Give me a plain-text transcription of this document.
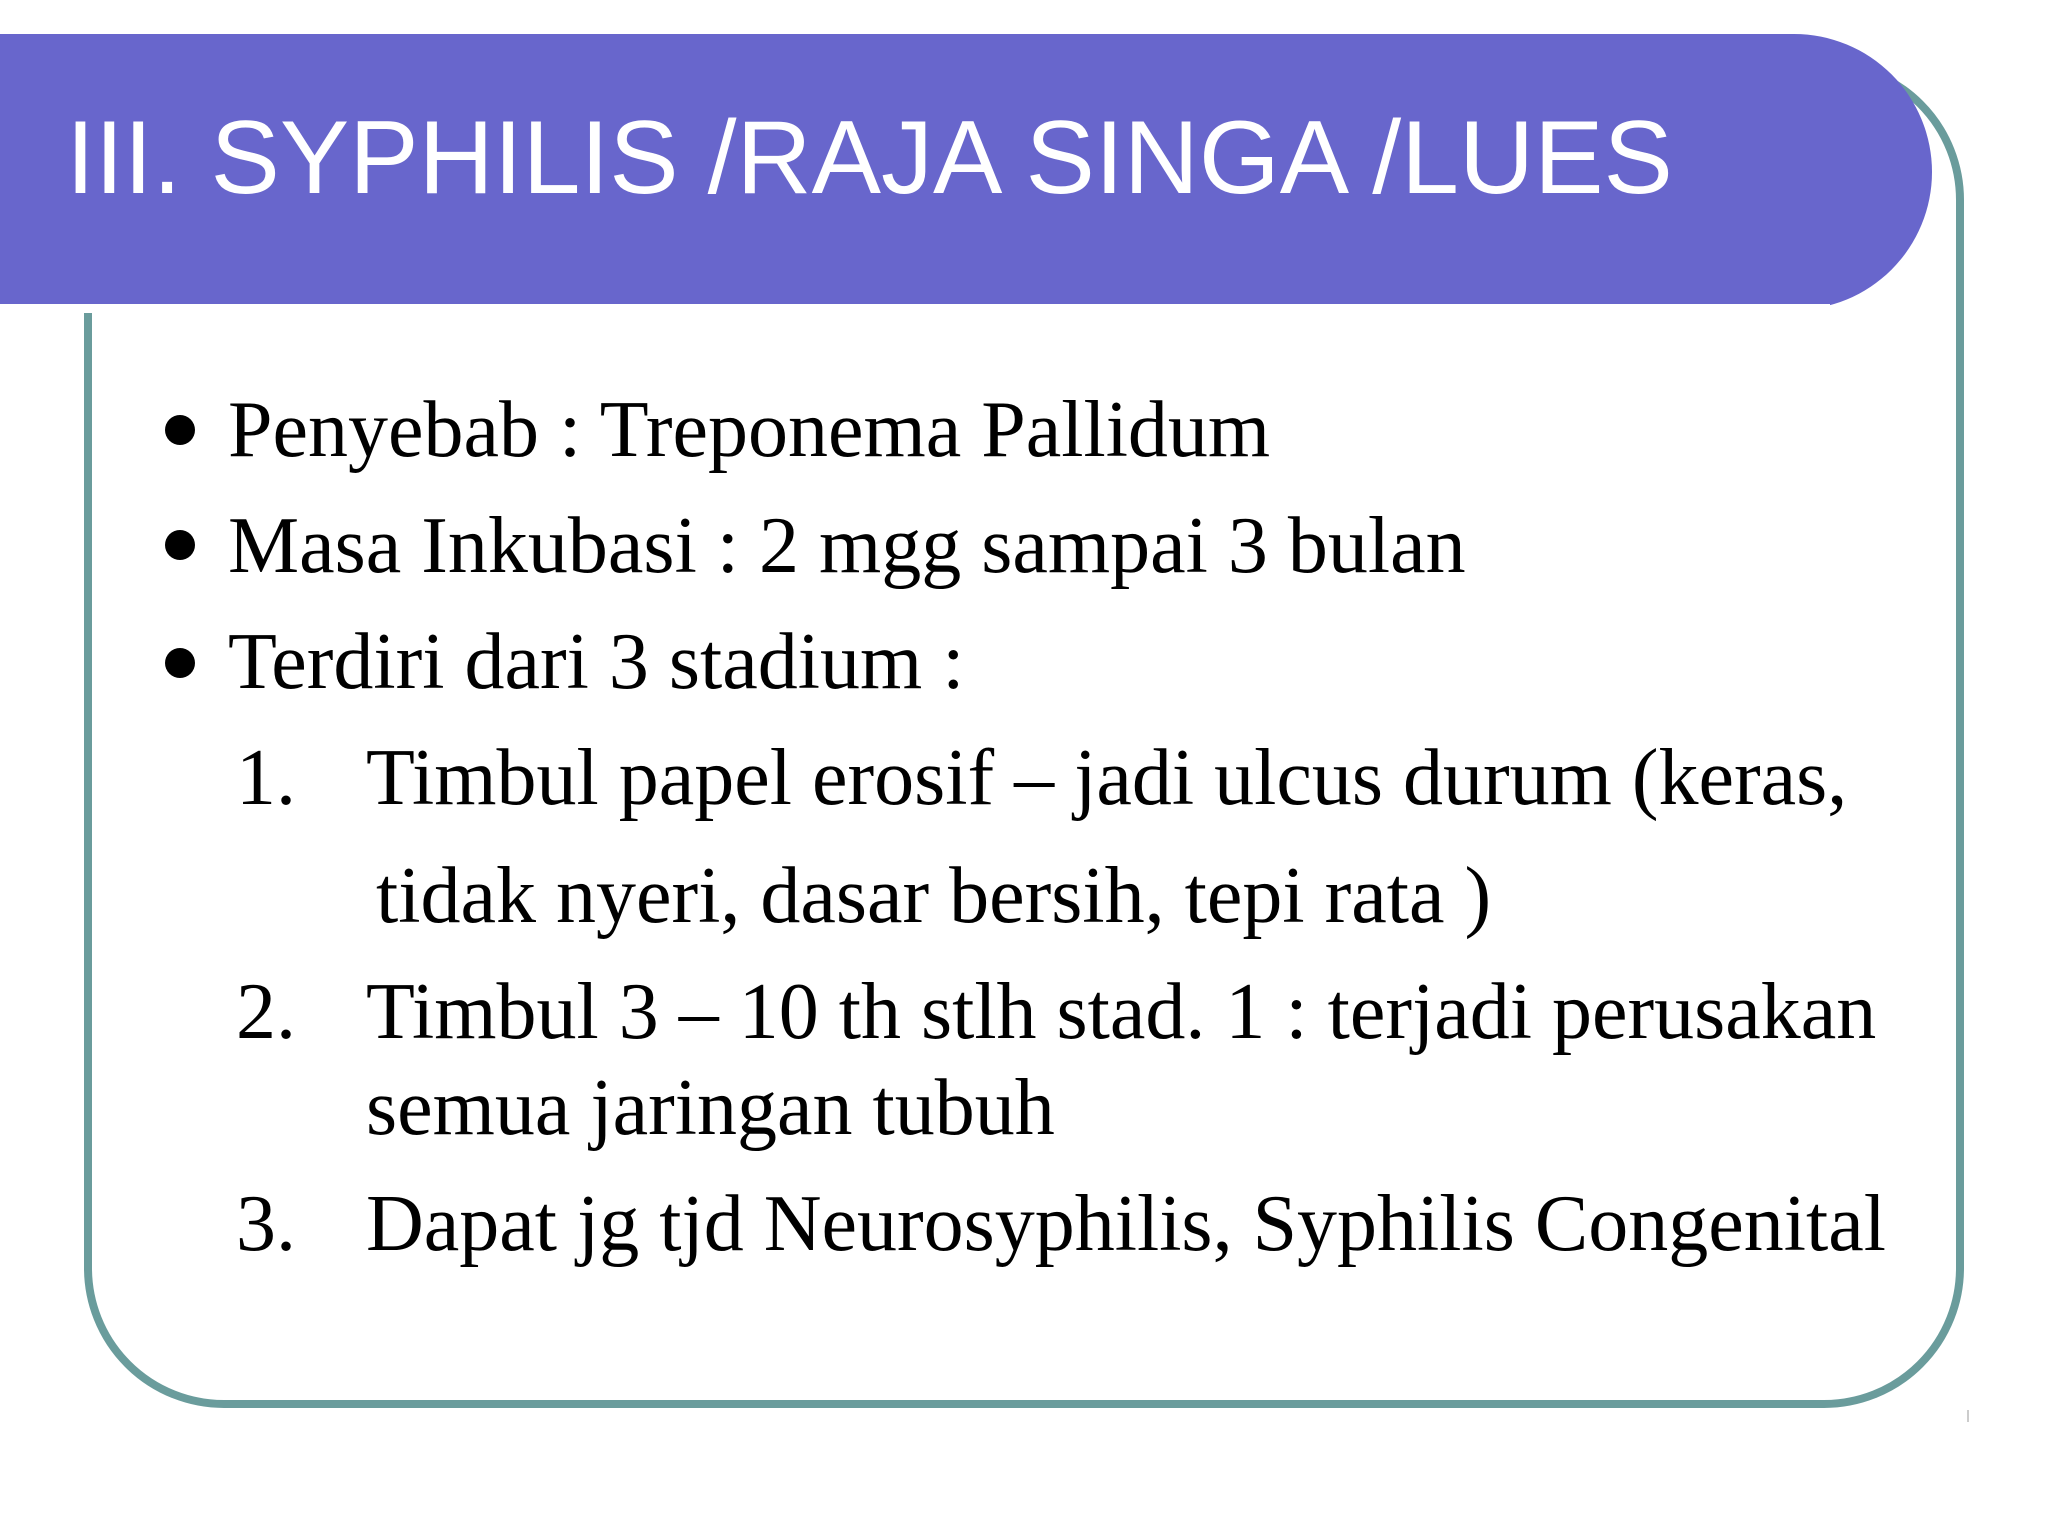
III. SYPHILIS /RAJA SINGA /LUES
Penyebab : Treponema Pallidum
Masa Inkubasi : 2 mgg sampai 3 bulan
Terdiri dari 3 stadium :
1. Timbul papel erosif – jadi ulcus durum (keras,
tidak nyeri, dasar bersih, tepi rata )
2. Timbul 3 – 10 th stlh stad. 1 : terjadi perusakan
semua jaringan tubuh
3. Dapat jg tjd Neurosyphilis, Syphilis Congenital
